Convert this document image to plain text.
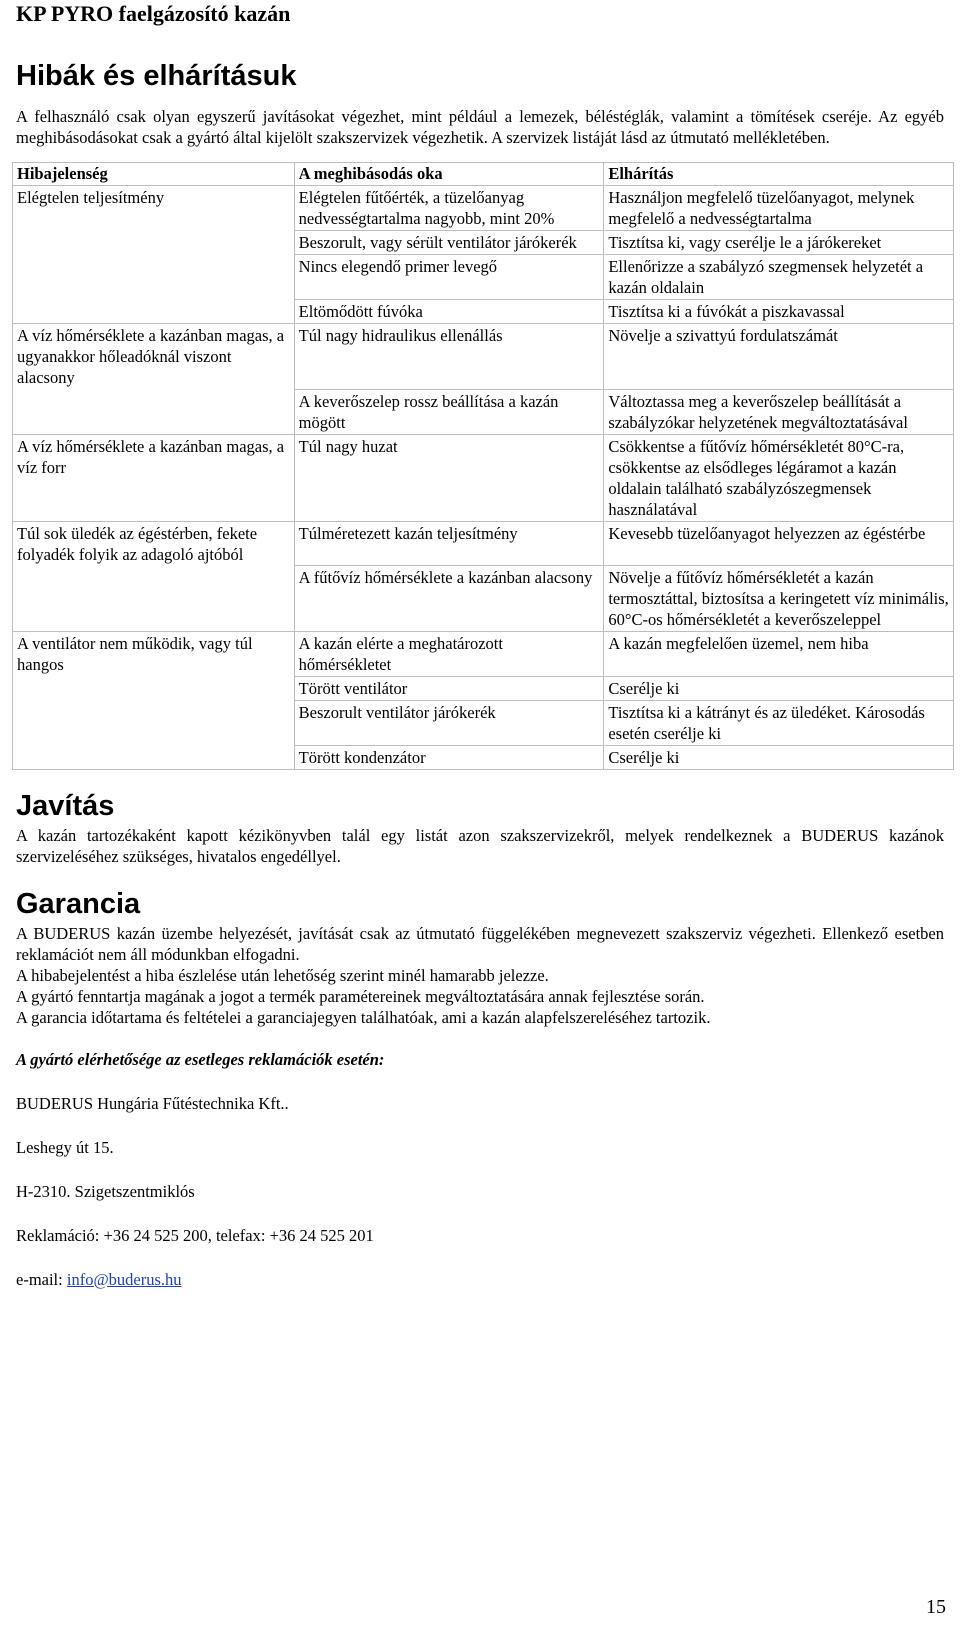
KP PYRO faelgázosító kazán
Hibák és elhárításuk

A felhasználó csak olyan egyszerű javításokat végezhet, mint például a lemezek, béléstéglák, valamint a tömítések cseréje. Az egyéb meghibásodásokat csak a gyártó által kijelölt szakszervizek végezhetik. A szervizek listáját lásd az útmutató mellékletében.

Hibajelenség	A meghibásodás oka	Elhárítás
Elégtelen teljesítmény	Elégtelen fűtőérték, a tüzelőanyag nedvességtartalma nagyobb, mint 20%	Használjon megfelelő tüzelőanyagot, melynek megfelelő a nedvességtartalma
	Beszorult, vagy sérült ventilátor járókerék	Tisztítsa ki, vagy cserélje le a járókereket
	Nincs elegendő primer levegő	Ellenőrizze a szabályzó szegmensek helyzetét a kazán oldalain
	Eltömődött fúvóka	Tisztítsa ki a fúvókát a piszkavassal
A víz hőmérséklete a kazánban magas, a ugyanakkor hőleadóknál viszont alacsony	Túl nagy hidraulikus ellenállás	Növelje a szivattyú fordulatszámát
	A keverőszelep rossz beállítása a kazán mögött	Változtassa meg a keverőszelep beállítását a szabályzókar helyzetének megváltoztatásával
A víz hőmérséklete a kazánban magas, a víz forr	Túl nagy huzat	Csökkentse a fűtővíz hőmérsékletét 80°C-ra, csökkentse az elsődleges légáramot a kazán oldalain található szabályzószegmensek használatával
Túl sok üledék az égéstérben, fekete folyadék folyik az adagoló ajtóból	Túlméretezett kazán teljesítmény	Kevesebb tüzelőanyagot helyezzen az égéstérbe
	A fűtővíz hőmérséklete a kazánban alacsony	Növelje a fűtővíz hőmérsékletét a kazán termosztáttal, biztosítsa a keringetett víz minimális, 60°C-os hőmérsékletét a keverőszeleppel
A ventilátor nem működik, vagy túl hangos	A kazán elérte a meghatározott hőmérsékletet	A kazán megfelelően üzemel, nem hiba
	Törött ventilátor	Cserélje ki
	Beszorult ventilátor járókerék	Tisztítsa ki a kátrányt és az üledéket. Károsodás esetén cserélje ki
	Törött kondenzátor	Cserélje ki
Javítás

A kazán tartozékaként kapott kézikönyvben talál egy listát azon szakszervizekről, melyek rendelkeznek a BUDERUS kazánok szervizeléséhez szükséges, hivatalos engedéllyel.

Garancia

A BUDERUS kazán üzembe helyezését, javítását csak az útmutató függelékében megnevezett szakszerviz végezheti. Ellenkező esetben reklamációt nem áll módunkban elfogadni.

A hibabejelentést a hiba észlelése után lehetőség szerint minél hamarabb jelezze.

A gyártó fenntartja magának a jogot a termék paramétereinek megváltoztatására annak fejlesztése során.

A garancia időtartama és feltételei a garanciajegyen találhatóak, ami a kazán alapfelszereléséhez tartozik.

A gyártó elérhetősége az esetleges reklamációk esetén:

BUDERUS Hungária Fűtéstechnika Kft..

Leshegy út 15.

H-2310. Szigetszentmiklós

Reklamáció: +36 24 525 200, telefax: +36 24 525 201

e-mail: info@buderus.hu

15
